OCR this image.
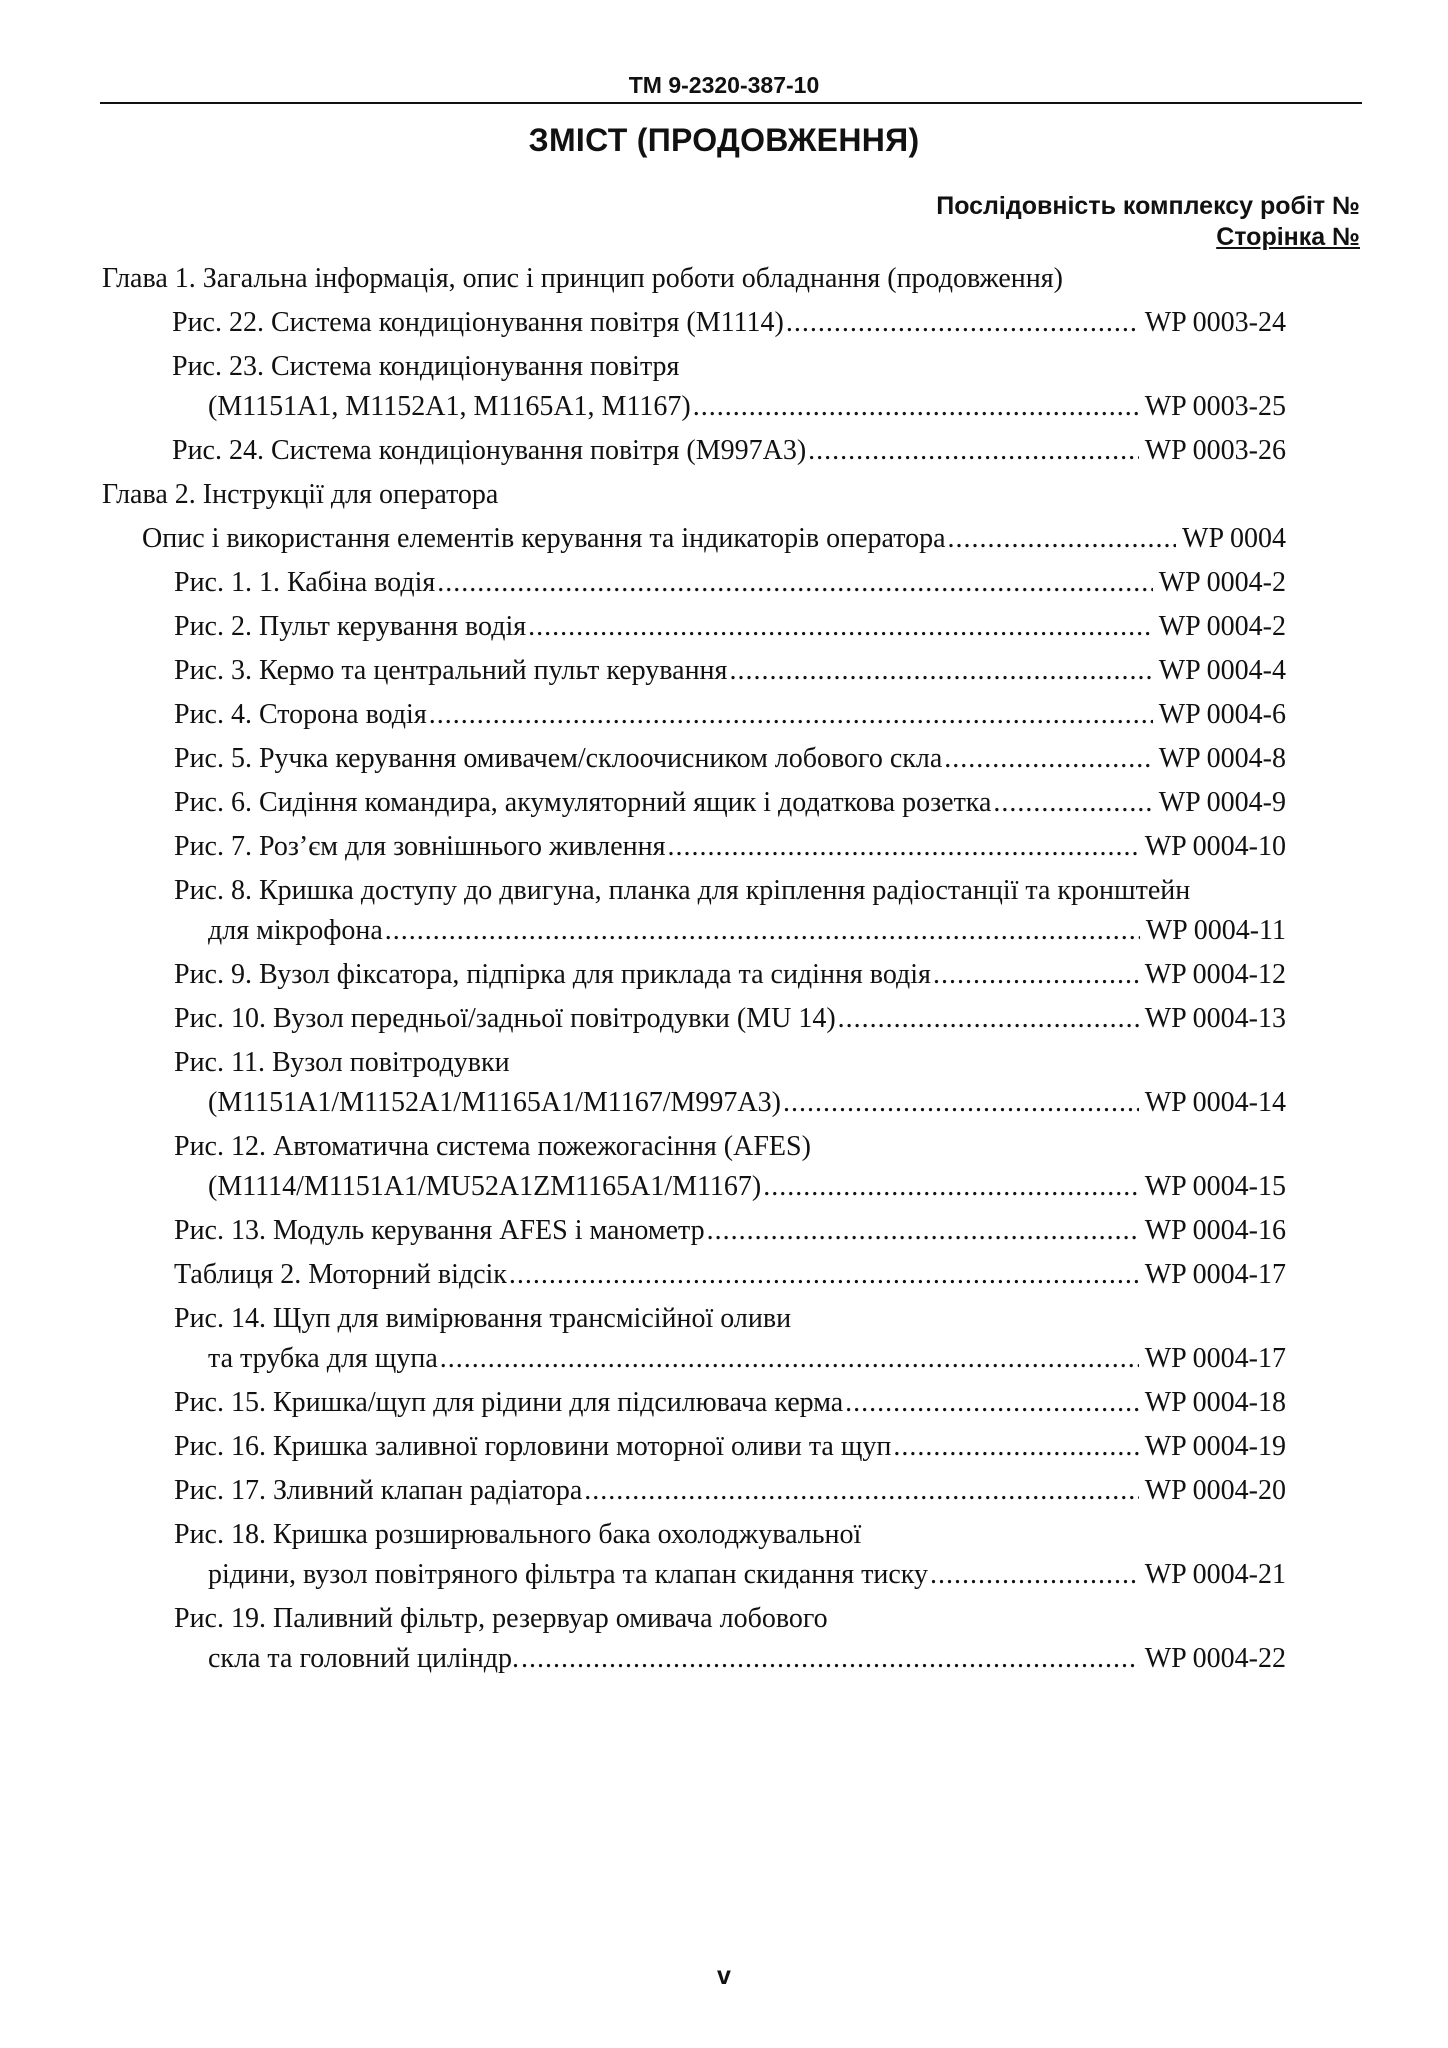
ТМ 9-2320-387-10
ЗМІСТ (ПРОДОВЖЕННЯ)
Послідовність комплексу робіт №
Сторінка №
Глава 1. Загальна інформація, опис і принцип роботи обладнання (продовження)
Рис. 22. Система кондиціонування повітря (M1114) .....	WP 0003-24
Рис. 23. Система кондиціонування повітря
(M1151A1, M1152A1, M1165A1, M1167) .....	WP 0003-25
Рис. 24. Система кондиціонування повітря (M997A3) .....	WP 0003-26
Глава 2. Інструкції для оператора
Опис і використання елементів керування та індикаторів оператора .....	WP 0004
Рис. 1. 1. Кабіна водія .....	WP 0004-2
Рис. 2. Пульт керування водія .....	WP 0004-2
Рис. 3. Кермо та центральний пульт керування .....	WP 0004-4
Рис. 4. Сторона водія .....	WP 0004-6
Рис. 5. Ручка керування омивачем/склоочисником лобового скла .....	WP 0004-8
Рис. 6. Сидіння командира, акумуляторний ящик і додаткова розетка .....	WP 0004-9
Рис. 7. Роз’єм для зовнішнього живлення .....	WP 0004-10
Рис. 8. Кришка доступу до двигуна, планка для кріплення радіостанції та кронштейн
для мікрофона .....	WP 0004-11
Рис. 9. Вузол фіксатора, підпірка для приклада та сидіння водія .....	WP 0004-12
Рис. 10. Вузол передньої/задньої повітродувки (MU 14) .....	WP 0004-13
Рис. 11. Вузол повітродувки
(M1151A1/M1152A1/M1165A1/M1167/M997A3) .....	WP 0004-14
Рис. 12. Автоматична система пожежогасіння (AFES)
(M1114/M1151A1/MU52A1ZM1165A1/M1167) .....	WP 0004-15
Рис. 13. Модуль керування AFES і манометр .....	WP 0004-16
Таблиця 2. Моторний відсік .....	WP 0004-17
Рис. 14. Щуп для вимірювання трансмісійної оливи
та трубка для щупа .....	WP 0004-17
Рис. 15. Кришка/щуп для рідини для підсилювача керма .....	WP 0004-18
Рис. 16. Кришка заливної горловини моторної оливи та щуп .....	WP 0004-19
Рис. 17. Зливний клапан радіатора .....	WP 0004-20
Рис. 18. Кришка розширювального бака охолоджувальної
рідини, вузол повітряного фільтра та клапан скидання тиску .....	WP 0004-21
Рис. 19. Паливний фільтр, резервуар омивача лобового
скла та головний циліндр. .....	WP 0004-22
v
